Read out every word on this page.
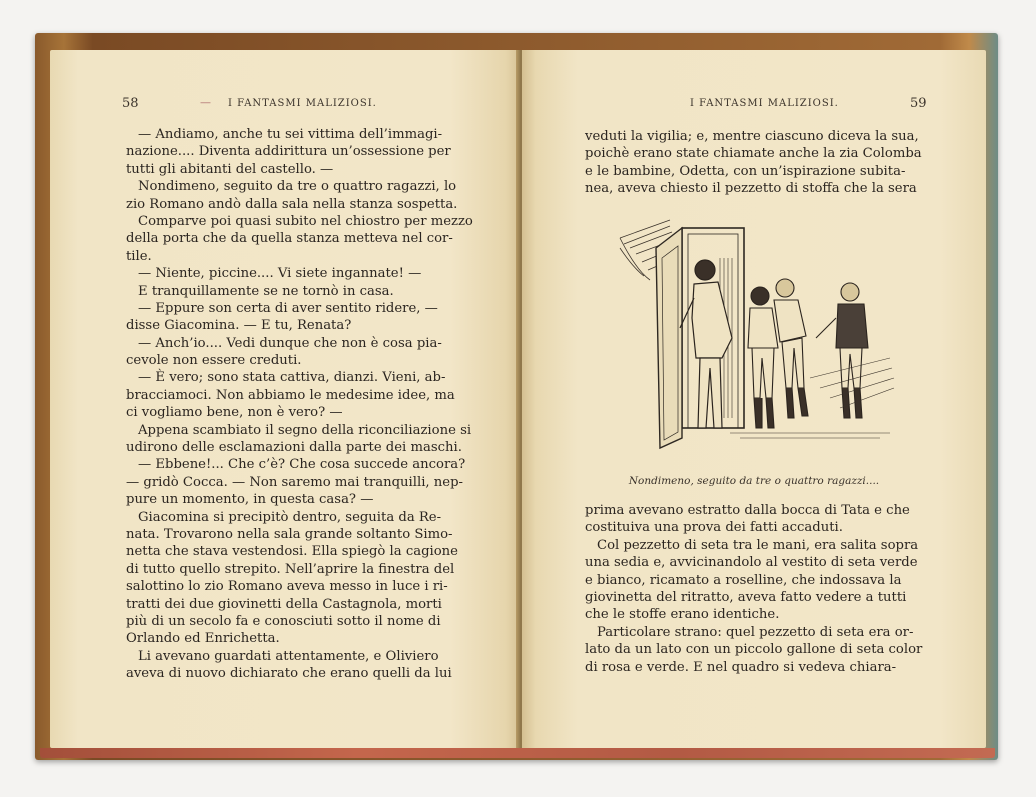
58	— I FANTASMI MALIZIOSI.
— Andiamo, anche tu sei vittima dell’immagi-
nazione.... Diventa addirittura un’ossessione per
tutti gli abitanti del castello. —
Nondimeno, seguito da tre o quattro ragazzi, lo
zio Romano andò dalla sala nella stanza sospetta.
Comparve poi quasi subito nel chiostro per mezzo
della porta che da quella stanza metteva nel cor-
tile.
— Niente, piccine.... Vi siete ingannate! —
E tranquillamente se ne tornò in casa.
— Eppure son certa di aver sentito ridere, —
disse Giacomina. — E tu, Renata?
— Anch’io.... Vedi dunque che non è cosa pia-
cevole non essere creduti.
— È vero; sono stata cattiva, dianzi. Vieni, ab-
bracciamoci. Non abbiamo le medesime idee, ma
ci vogliamo bene, non è vero? —
Appena scambiato il segno della riconciliazione si
udirono delle esclamazioni dalla parte dei maschi.
— Ebbene!... Che c’è? Che cosa succede ancora?
— gridò Cocca. — Non saremo mai tranquilli, nep-
pure un momento, in questa casa? —
Giacomina si precipitò dentro, seguita da Re-
nata. Trovarono nella sala grande soltanto Simo-
netta che stava vestendosi. Ella spiegò la cagione
di tutto quello strepito. Nell’aprire la finestra del
salottino lo zio Romano aveva messo in luce i ri-
tratti dei due giovinetti della Castagnola, morti
più di un secolo fa e conosciuti sotto il nome di
Orlando ed Enrichetta.
Li avevano guardati attentamente, e Oliviero
aveva di nuovo dichiarato che erano quelli da lui
I FANTASMI MALIZIOSI.	59
veduti la vigilia; e, mentre ciascuno diceva la sua,
poichè erano state chiamate anche la zia Colomba
e le bambine, Odetta, con un’ispirazione subita-
nea, aveva chiesto il pezzetto di stoffa che la sera
Nondimeno, seguito da tre o quattro ragazzi....
prima avevano estratto dalla bocca di Tata e che
costituiva una prova dei fatti accaduti.
Col pezzetto di seta tra le mani, era salita sopra
una sedia e, avvicinandolo al vestito di seta verde
e bianco, ricamato a roselline, che indossava la
giovinetta del ritratto, aveva fatto vedere a tutti
che le stoffe erano identiche.
Particolare strano: quel pezzetto di seta era or-
lato da un lato con un piccolo gallone di seta color
di rosa e verde. E nel quadro si vedeva chiara-
